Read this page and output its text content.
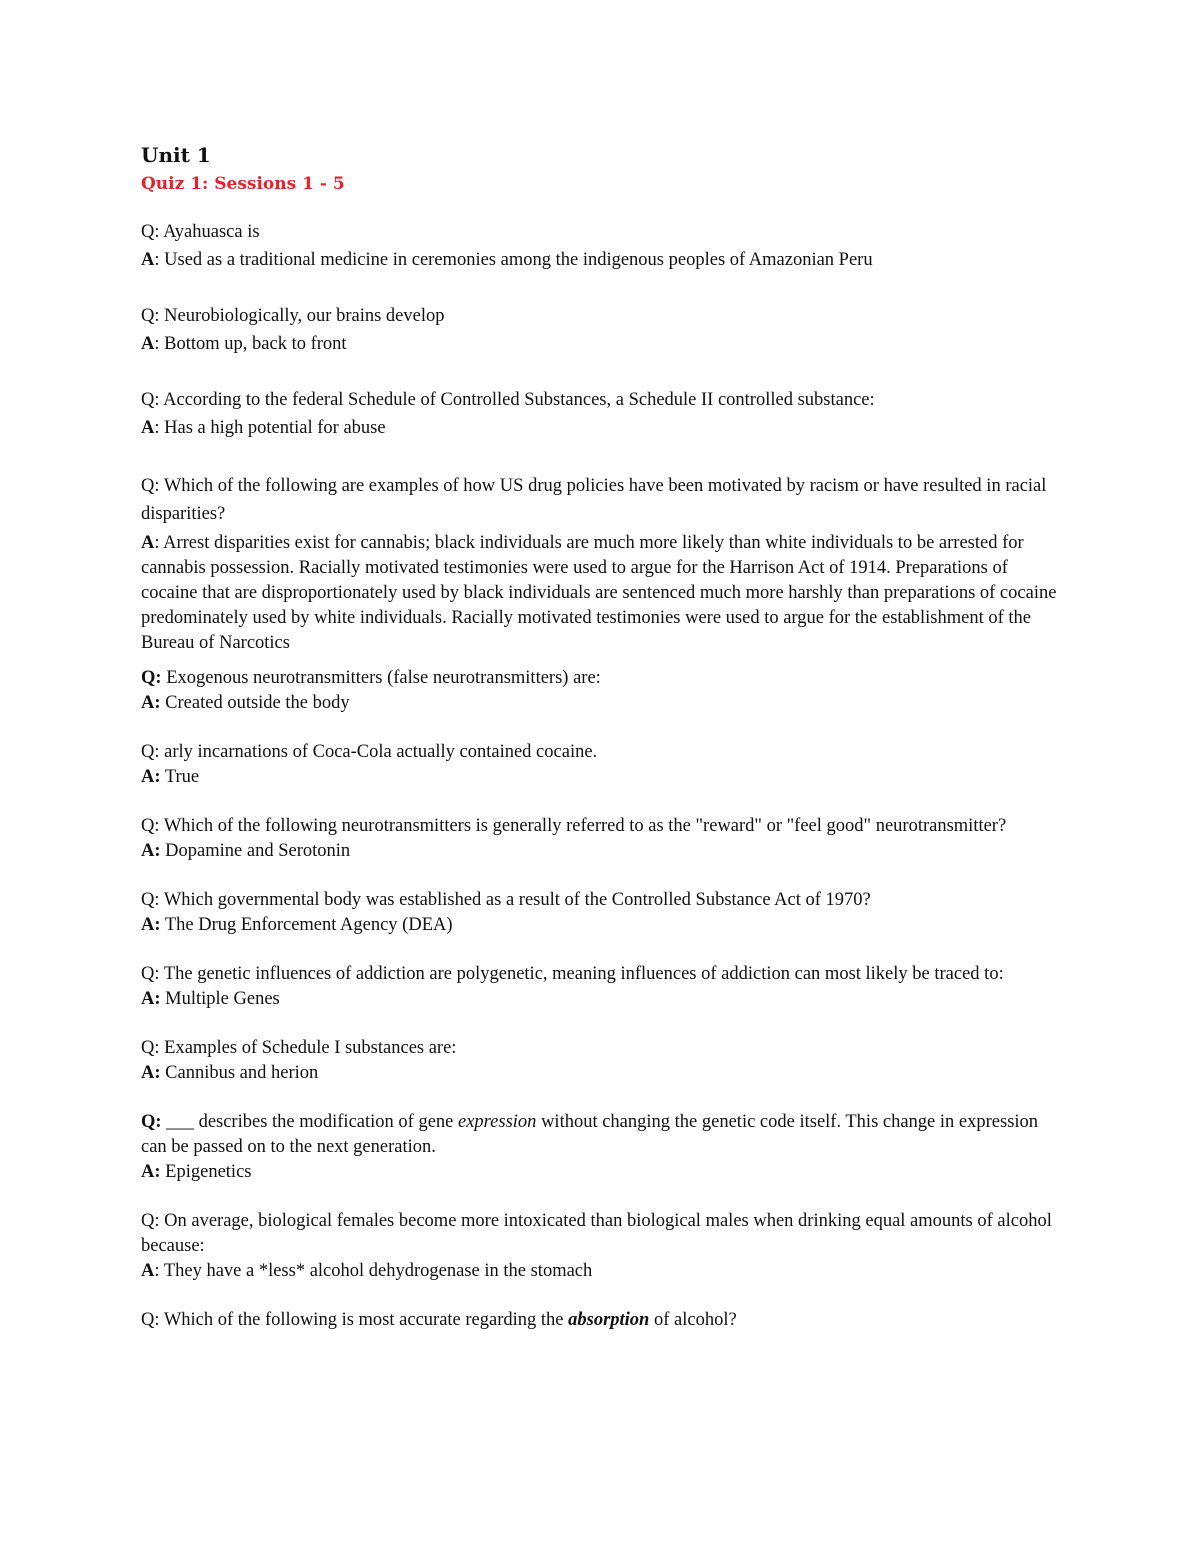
Unit 1
Quiz 1: Sessions 1 - 5

Q: Ayahuasca is

A: Used as a traditional medicine in ceremonies among the indigenous peoples of Amazonian Peru

Q: Neurobiologically, our brains develop

A: Bottom up, back to front

Q: According to the federal Schedule of Controlled Substances, a Schedule II controlled substance:

A: Has a high potential for abuse

Q: Which of the following are examples of how US drug policies have been motivated by racism or have resulted in racial disparities?

A: Arrest disparities exist for cannabis; black individuals are much more likely than white individuals to be arrested for cannabis possession. Racially motivated testimonies were used to argue for the Harrison Act of 1914. Preparations of cocaine that are disproportionately used by black individuals are sentenced much more harshly than preparations of cocaine predominately used by white individuals. Racially motivated testimonies were used to argue for the establishment of the Bureau of Narcotics

Q: Exogenous neurotransmitters (false neurotransmitters) are:

A: Created outside the body

Q: arly incarnations of Coca-Cola actually contained cocaine.

A: True

Q: Which of the following neurotransmitters is generally referred to as the "reward" or "feel good" neurotransmitter?

A: Dopamine and Serotonin

Q: Which governmental body was established as a result of the Controlled Substance Act of 1970?

A: The Drug Enforcement Agency (DEA)

Q: The genetic influences of addiction are polygenetic, meaning influences of addiction can most likely be traced to:

A: Multiple Genes

Q: Examples of Schedule I substances are:

A: Cannibus and herion

Q: ___ describes the modification of gene expression without changing the genetic code itself. This change in expression can be passed on to the next generation.

A: Epigenetics

Q: On average, biological females become more intoxicated than biological males when drinking equal amounts of alcohol because:

A: They have a *less* alcohol dehydrogenase in the stomach

Q: Which of the following is most accurate regarding the absorption of alcohol?
